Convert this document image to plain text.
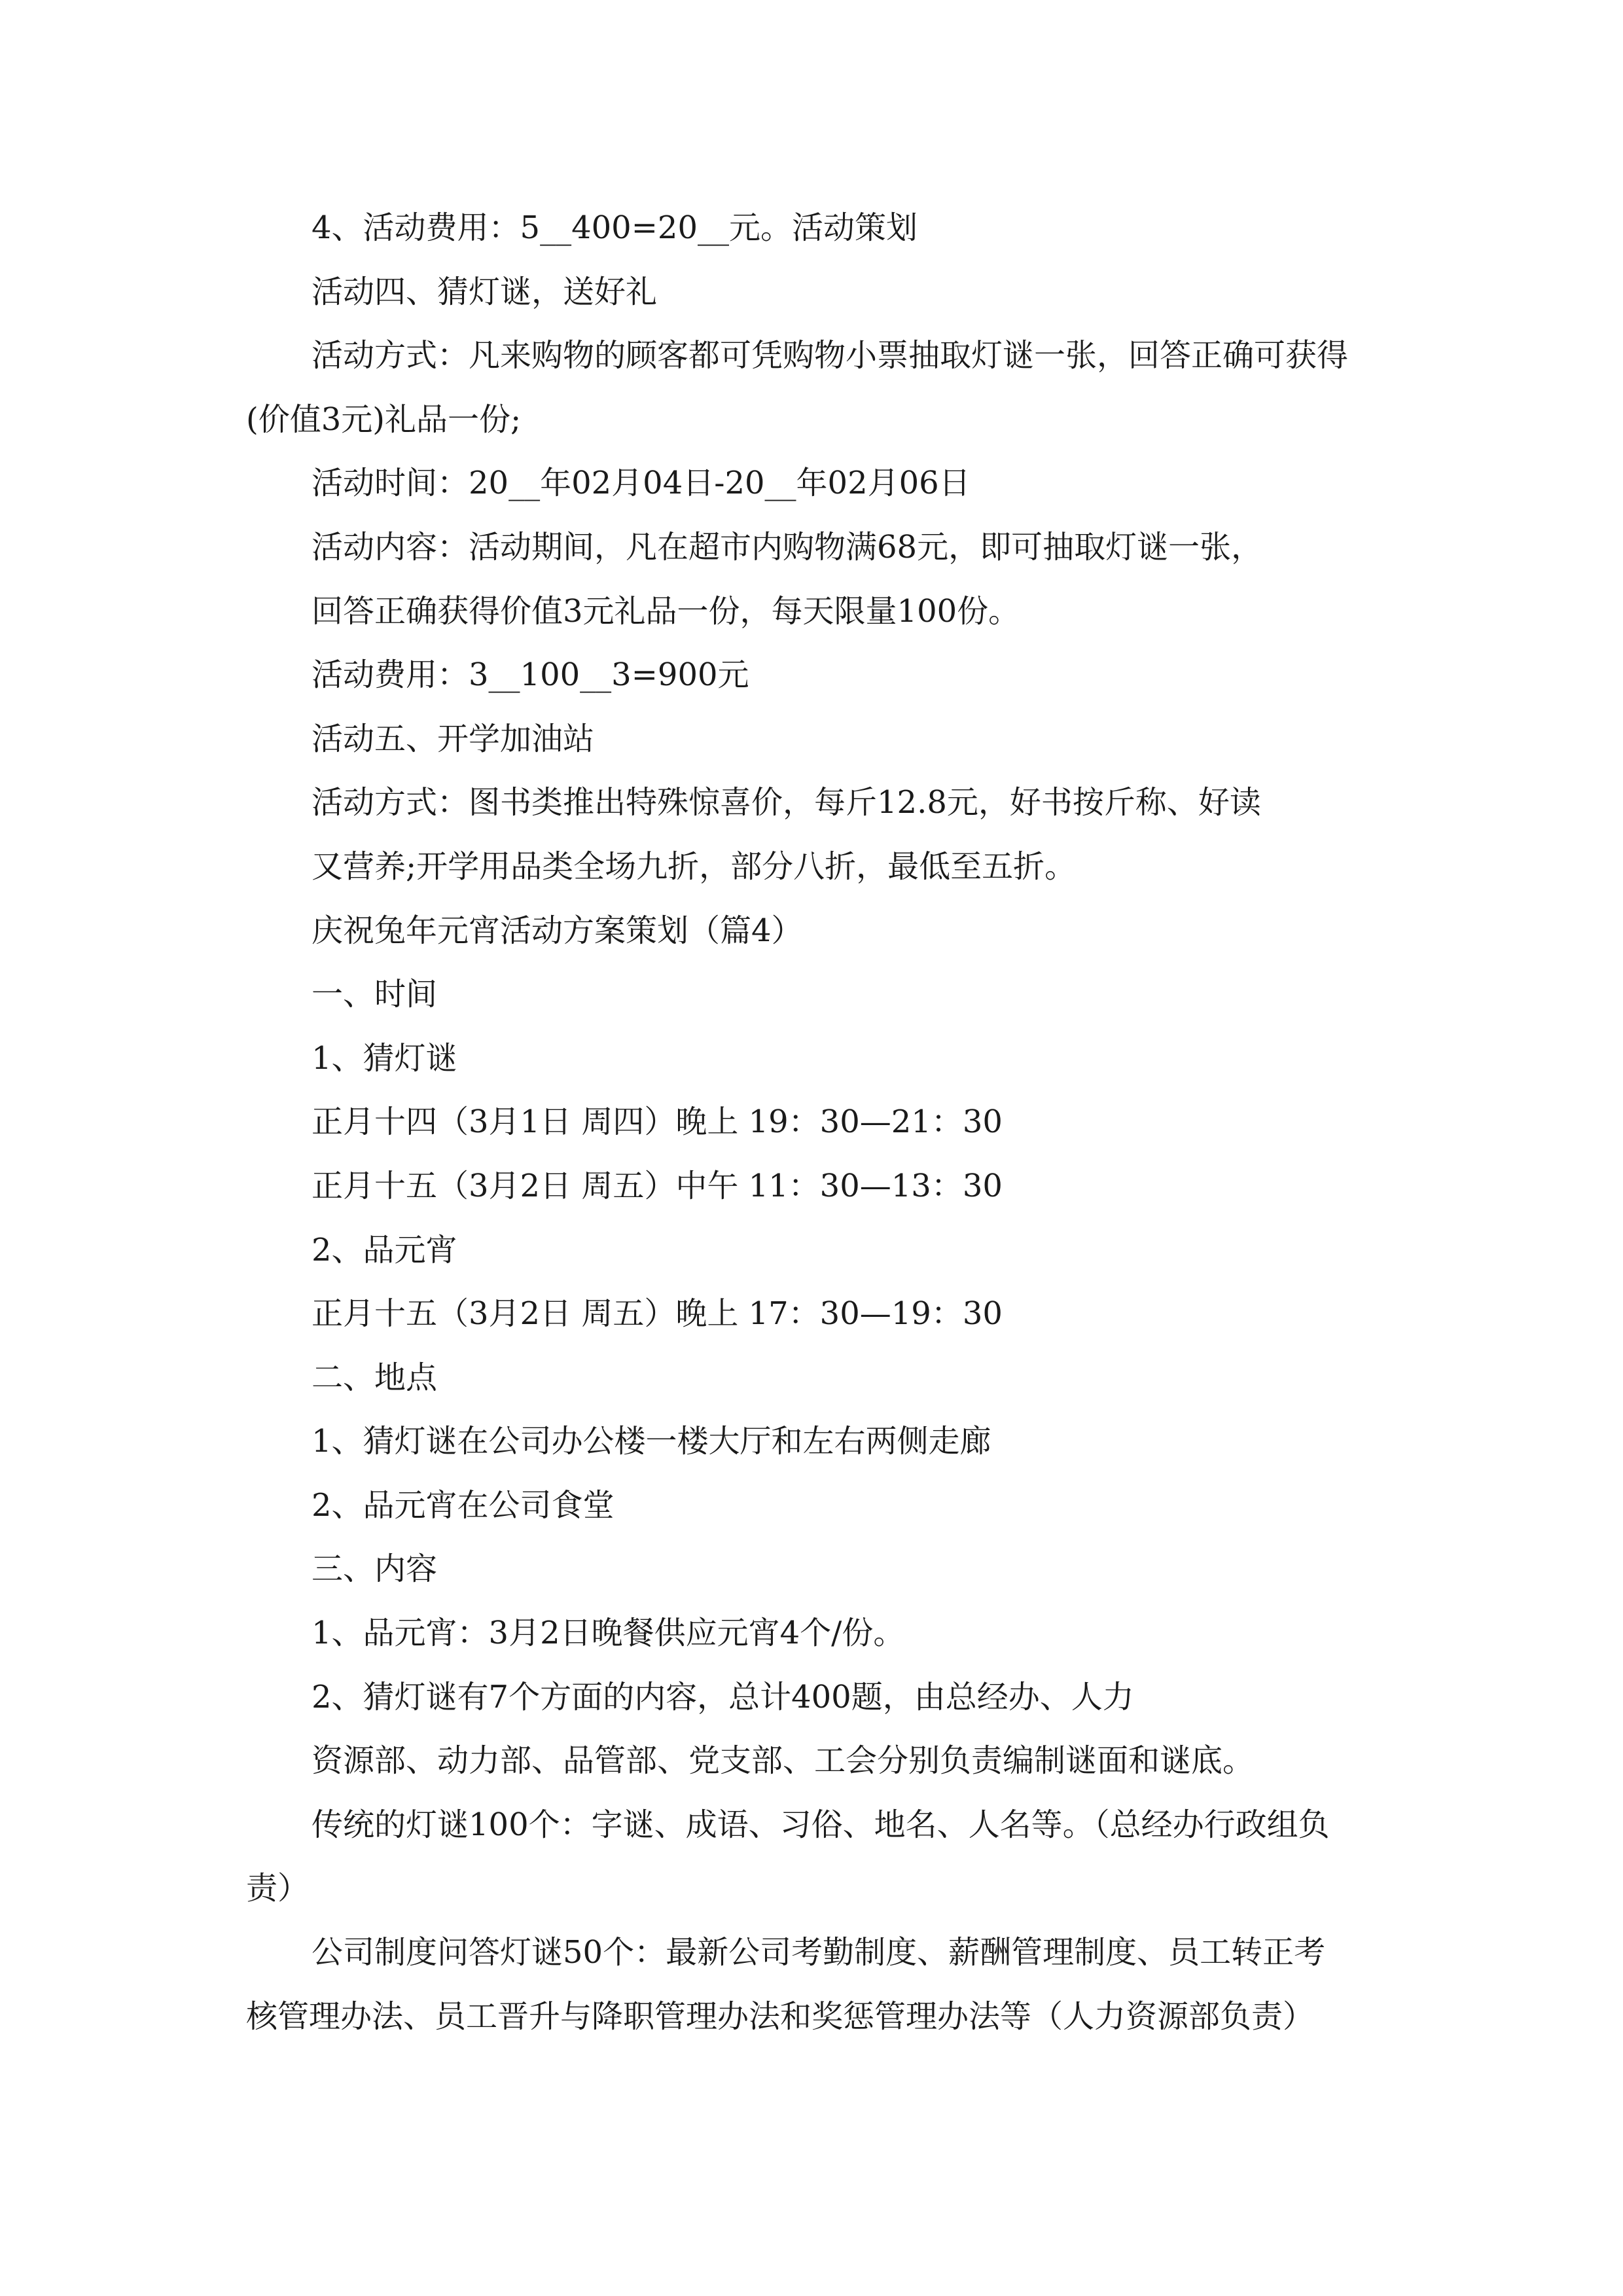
4、活动费用：5__400=20__元。活动策划
活动四、猜灯谜，送好礼
活动方式：凡来购物的顾客都可凭购物小票抽取灯谜一张，回答正确可获得
(价值3元)礼品一份;
活动时间：20__年02月04日-20__年02月06日
活动内容：活动期间，凡在超市内购物满68元，即可抽取灯谜一张，
回答正确获得价值3元礼品一份，每天限量100份。
活动费用：3__100__3=900元
活动五、开学加油站
活动方式：图书类推出特殊惊喜价，每斤12.8元，好书按斤称、好读
又营养;开学用品类全场九折，部分八折，最低至五折。
庆祝兔年元宵活动方案策划（篇4）
一、时间
1、猜灯谜
正月十四（3月1日 周四）晚上 19：30—21：30
正月十五（3月2日 周五）中午 11：30—13：30
2、品元宵
正月十五（3月2日 周五）晚上 17：30—19：30
二、地点
1、猜灯谜在公司办公楼一楼大厅和左右两侧走廊
2、品元宵在公司食堂
三、内容
1、品元宵：3月2日晚餐供应元宵4个/份。
2、猜灯谜有7个方面的内容，总计400题，由总经办、人力
资源部、动力部、品管部、党支部、工会分别负责编制谜面和谜底。
传统的灯谜100个：字谜、成语、习俗、地名、人名等。（总经办行政组负
责）
公司制度问答灯谜50个：最新公司考勤制度、薪酬管理制度、员工转正考
核管理办法、员工晋升与降职管理办法和奖惩管理办法等（人力资源部负责）
